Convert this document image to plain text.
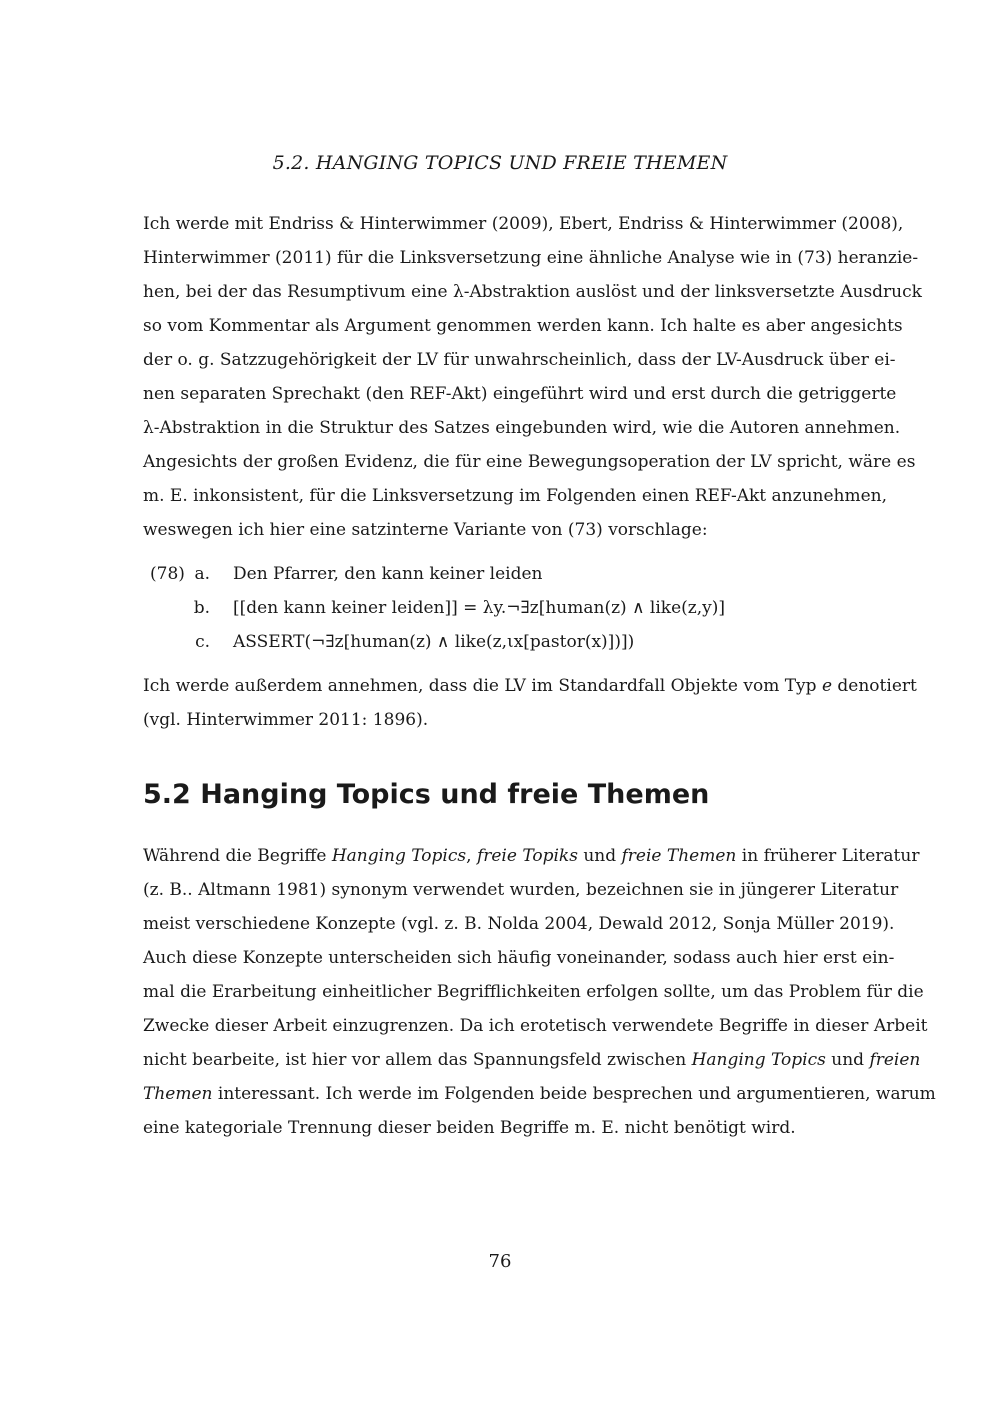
5.2. HANGING TOPICS UND FREIE THEMEN
Ich werde mit Endriss & Hinterwimmer (2009), Ebert, Endriss & Hinterwimmer (2008),
Hinterwimmer (2011) für die Linksversetzung eine ähnliche Analyse wie in (73) heranzie-
hen, bei der das Resumptivum eine λ-Abstraktion auslöst und der linksversetzte Ausdruck
so vom Kommentar als Argument genommen werden kann. Ich halte es aber angesichts
der o. g. Satzzugehörigkeit der LV für unwahrscheinlich, dass der LV-Ausdruck über ei-
nen separaten Sprechakt (den REF-Akt) eingeführt wird und erst durch die getriggerte
λ-Abstraktion in die Struktur des Satzes eingebunden wird, wie die Autoren annehmen.
Angesichts der großen Evidenz, die für eine Bewegungsoperation der LV spricht, wäre es
m. E. inkonsistent, für die Linksversetzung im Folgenden einen REF-Akt anzunehmen,
weswegen ich hier eine satzinterne Variante von (73) vorschlage:
(78) a. Den Pfarrer, den kann keiner leiden
b. [[den kann keiner leiden]] = λy.¬∃z[human(z) ∧ like(z,y)]
c. ASSERT(¬∃z[human(z) ∧ like(z,ιx[pastor(x)])])
Ich werde außerdem annehmen, dass die LV im Standardfall Objekte vom Typ e denotiert
(vgl. Hinterwimmer 2011: 1896).
5.2 Hanging Topics und freie Themen
Während die Begriffe Hanging Topics, freie Topiks und freie Themen in früherer Literatur
(z. B.. Altmann 1981) synonym verwendet wurden, bezeichnen sie in jüngerer Literatur
meist verschiedene Konzepte (vgl. z. B. Nolda 2004, Dewald 2012, Sonja Müller 2019).
Auch diese Konzepte unterscheiden sich häufig voneinander, sodass auch hier erst ein-
mal die Erarbeitung einheitlicher Begrifflichkeiten erfolgen sollte, um das Problem für die
Zwecke dieser Arbeit einzugrenzen. Da ich erotetisch verwendete Begriffe in dieser Arbeit
nicht bearbeite, ist hier vor allem das Spannungsfeld zwischen Hanging Topics und freien
Themen interessant. Ich werde im Folgenden beide besprechen und argumentieren, warum
eine kategoriale Trennung dieser beiden Begriffe m. E. nicht benötigt wird.
76
